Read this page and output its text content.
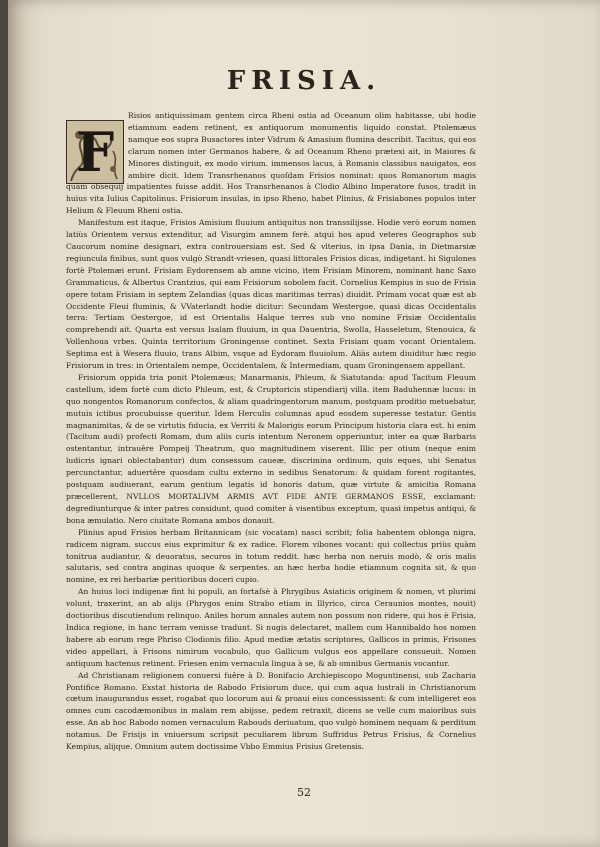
FRISIA.
F

Risios antiquissimam gentem circa Rheni ostia ad Oceanum olim habitasse, ubi hodie etiamnum eadem retinent, ex antiquorum monumentis liquido constat. Ptolemæus namque eos supra Busactores inter Vidrum & Amasium flumina describit. Tacitus, qui eos clarum nomen inter Germanos habere, & ad Oceanum Rheno prætexi ait, in Maiores & Minores distinguit, ex modo virium. immensos lacus, à Romanis classibus nauigatos, eos ambire dicit. Idem Transrhenanos quoſdam Frisios nominat: quos Romanorum magis quàm obsequij impatientes fuisse addit. Hos Transrhenanos à Clodio Albino Imperatore fusos, tradit in huius vita Iulius Capitolinus. Frisiorum insulas, in ipso Rheno, habet Plinius, & Frisiabones populos inter Helium & Fleuum Rheni ostia.

Manifestum est itaque, Frisios Amisium fluuium antiquitus non transsilijsse. Hodie verò eorum nomen latiùs Orientem versus extenditur, ad Visurgim amnem ferè. atqui hos apud veteres Geographos sub Caucorum nomine designari, extra controuersiam est. Sed & vlterius, in ipsa Dania, in Dietmarsiæ regiuncula finibus, sunt quos vulgò Strandt-vriesen, quasi littorales Frisios dicas, indigetant. hi Sigulones fortè Ptolemæi erunt. Frisiam Eydorensem ab amne vicino, item Frisiam Minorem, nominant hanc Saxo Grammaticus, & Albertus Crantzius, qui eam Frisiorum sobolem facit. Cornelius Kempius in suo de Frisia opere totam Frisiam in septem Zelandias (quas dicas maritimas terras) diuidit. Primam vocat quæ est ab Occidente Fleui fluminis, & VVaterlandt hodie dicitur: Secundam Westergoe, quasi dicas Occidentalis terra: Tertiam Oestergoe, id est Orientalis Halque terres sub vno nomine Frisiæ Occidentalis comprehendi ait. Quarta est versus Isalam fluuium, in qua Dauentria, Swolla, Hasseletum, Stenouica, & Vollenhoua vrbes. Quinta territorium Groningense continet. Sexta Frisiam quam vocant Orientalem. Septima est à Wesera fluuio, trans Albim, vsque ad Eydoram fluuiolum. Aliàs autem diuiditur hæc regio Frisiorum in tres: in Orientalem nempe, Occidentalem, & Intermediam, quam Groningensem appellant.

Frisiorum oppida tria ponit Ptolemæus; Manarmanis, Phleum, & Siatutanda: apud Tacitum Fleuum castellum, idem fortè cum dicto Phleum, est, & Cruptoricis stipendiarij villa. item Baduhennæ lucus: in quo nongentos Romanorum confectos, & aliam quadringentorum manum, postquam proditio metuebatur, mutuis ictibus procubuisse queritur. Idem Herculis columnas apud eosdem superesse testatur. Gentis magnanimitas, & de se virtutis fiducia, ex Verriti & Malorigis eorum Principum historia clara est. hi enim (Tacitum audi) profecti Romam, dum aliis curis intentum Neronem opperiuntur, inter ea quæ Barbaris ostentantur, intrauêre Pompeij Theatrum, quo magnitudinem viserent. Illic per otium (neque enim ludicris ignari oblectabantur) dum consessum caueæ, discrimina ordinum, quis eques, ubi Senatus percunctantur, aduertêre quosdam cultu externo in sedibus Senatorum: & quidam forent rogitantes, postquam audiuerant, earum gentium legatis id honoris datum, quæ virtute & amicitia Romana præcellerent, NVLLOS MORTALIVM ARMIS AVT FIDE ANTE GERMANOS ESSE, exclamant: degrediunturque & inter patres considunt, quod comiter à visentibus exceptum, quasi impetus antiqui, & bona æmulatio. Nero ciuitate Romana ambos donauit.

Plinius apud Frisios herbam Britannicam (sic vocatam) nasci scribit; folia habentem oblonga nigra, radicem nigram. succus eius exprimitur & ex radice. Florem vibones vocant: qui collectus priùs quàm tonitrua audiantur, & deuoratus, securos in totum reddit. hæc herba non neruis modò, & oris malis salutaris, sed contra anginas quoque & serpentes. an hæc herba hodie etiamnum cognita sit, & quo nomine, ex rei herbariæ peritioribus doceri cupio.

An huius loci indigenæ fint hi populi, an fortaſsè à Phrygibus Asiaticis originem & nomen, vt plurimi volunt, traxerint, an ab alijs (Phrygos enim Strabo etiam in Illyrico, circa Ceraunios montes, nouit) doctioribus discutiendum relinquo. Aniles horum annales autem non possum non ridere, qui hos è Frisia, Indica regione, in hanc terram venisse tradunt. Si nugis delectaret, mallem cum Hannibaldo hos nomen habere ab eorum rege Phriso Clodionis filio. Apud mediæ ætatis scriptores, Gallicos in primis, Frisones video appellari, à Frisons nimirum vocabulo, quo Gallicum vulgus eos appellare consueuit. Nomen antiquum hactenus retinent. Friesen enim vernacula lingua à se, & ab omnibus Germanis vocantur.

Ad Christianam religionem conuersi fuêre à D. Bonifacio Archiepiscopo Moguntinensi, sub Zacharia Pontifice Romano. Exstat historia de Rabodo Frisiorum duce, qui cum aqua lustrali in Christianorum cœtum inaugurandus esset, rogabat quo locorum aui & proaui eius concessissent: & cum intelligeret eos omnes cum cacodæmonibus in malam rem abijsse, pedem retraxit, dicens se velle cum maioribus suis esse. An ab hoc Rabodo nomen vernaculum Rabouds deriuatum, quo vulgò hominem nequam & perditum notamus. De Frisijs in vniuersum scripsit peculiarem librum Suffridus Petrus Frisius, & Cornelius Kempius, alijque. Omnium autem doctissime Vbbo Emmius Frisius Gretensis.

52
